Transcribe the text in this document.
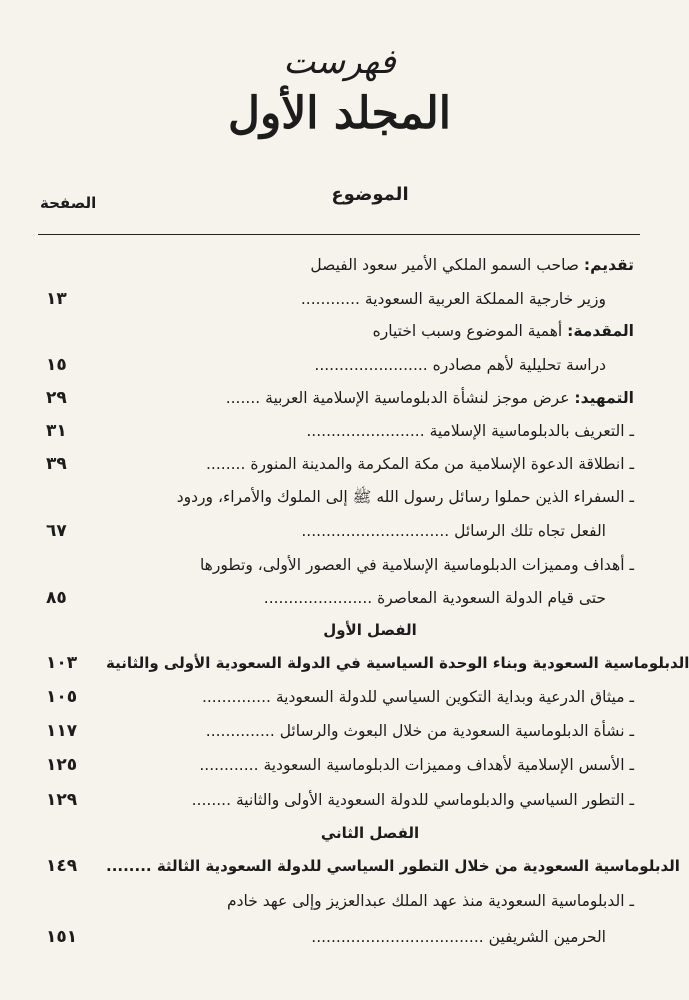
فهرست
المجلد الأول
الموضوع
الصفحة
تقديم: صاحب السمو الملكي الأمير سعود الفيصل
١٣	وزير خارجية المملكة العربية السعودية ............
المقدمة: أهمية الموضوع وسبب اختياره
١٥	دراسة تحليلية لأهم مصادره .......................
٢٩	التمهيد: عرض موجز لنشأة الدبلوماسية الإسلامية العربية .......
٣١	ـ التعريف بالدبلوماسية الإسلامية ........................
٣٩	ـ انطلاقة الدعوة الإسلامية من مكة المكرمة والمدينة المنورة ........
ـ السفراء الذين حملوا رسائل رسول الله ﷺ إلى الملوك والأمراء، وردود
٦٧	الفعل تجاه تلك الرسائل ..............................
ـ أهداف ومميزات الدبلوماسية الإسلامية في العصور الأولى، وتطورها
٨٥	حتى قيام الدولة السعودية المعاصرة ......................
الفصل الأول
١٠٣	الدبلوماسية السعودية وبناء الوحدة السياسية في الدولة السعودية الأولى والثانية
١٠٥	ـ ميثاق الدرعية وبداية التكوين السياسي للدولة السعودية ..............
١١٧	ـ نشأة الدبلوماسية السعودية من خلال البعوث والرسائل ..............
١٢٥	ـ الأسس الإسلامية لأهداف ومميزات الدبلوماسية السعودية ............
١٢٩	ـ التطور السياسي والدبلوماسي للدولة السعودية الأولى والثانية ........
الفصل الثاني
١٤٩	الدبلوماسية السعودية من خلال التطور السياسي للدولة السعودية الثالثة ........
ـ الدبلوماسية السعودية منذ عهد الملك عبدالعزيز وإلى عهد خادم
١٥١	الحرمين الشريفين ...................................
